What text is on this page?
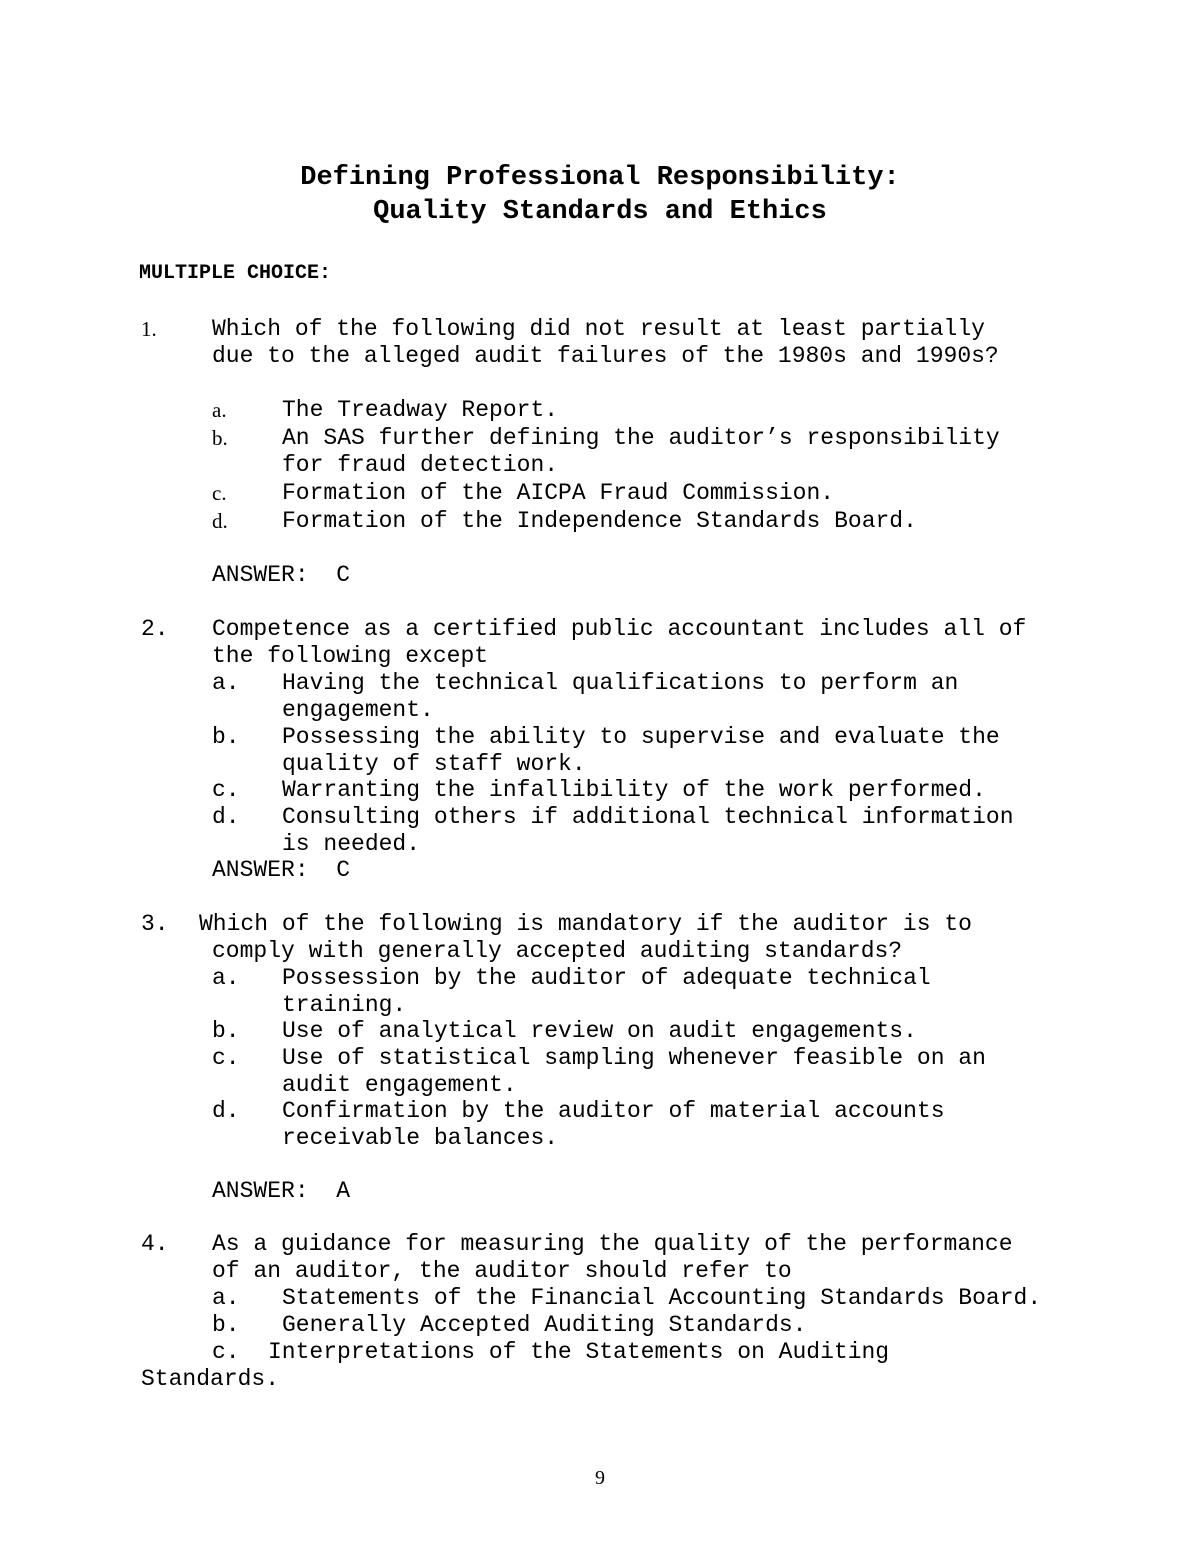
Defining Professional Responsibility:
Quality Standards and Ethics
MULTIPLE CHOICE:
1. Which of the following did not result at least partially
due to the alleged audit failures of the 1980s and 1990s?
a. The Treadway Report.
b. An SAS further defining the auditor’s responsibility
for fraud detection.
c. Formation of the AICPA Fraud Commission.
d. Formation of the Independence Standards Board.
ANSWER:  C
2. Competence as a certified public accountant includes all of
the following except
a. Having the technical qualifications to perform an
engagement.
b. Possessing the ability to supervise and evaluate the
quality of staff work.
c. Warranting the infallibility of the work performed.
d. Consulting others if additional technical information
is needed.
ANSWER:  C
3. Which of the following is mandatory if the auditor is to
comply with generally accepted auditing standards?
a. Possession by the auditor of adequate technical
training.
b. Use of analytical review on audit engagements.
c. Use of statistical sampling whenever feasible on an
audit engagement.
d. Confirmation by the auditor of material accounts
receivable balances.
ANSWER:  A
4. As a guidance for measuring the quality of the performance
of an auditor, the auditor should refer to
a. Statements of the Financial Accounting Standards Board.
b. Generally Accepted Auditing Standards.
c. Interpretations of the Statements on Auditing
Standards.
9
